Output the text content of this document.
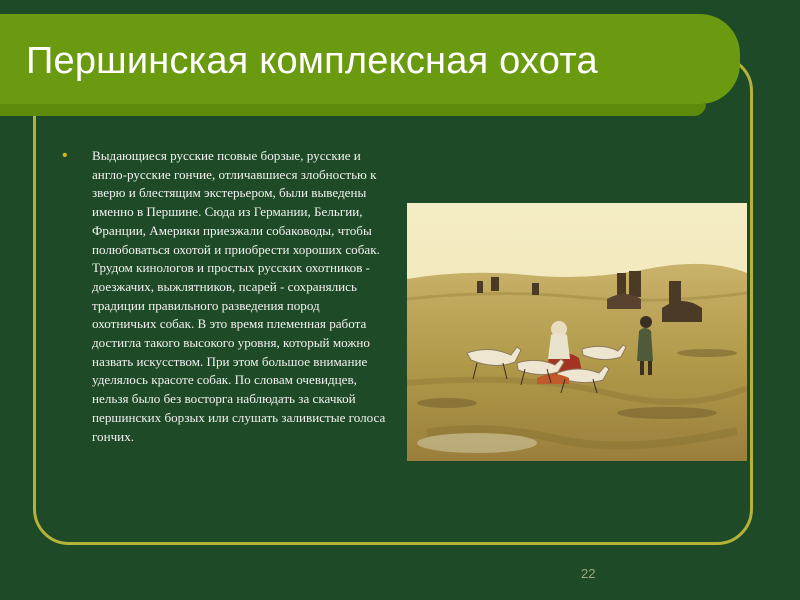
Першинская комплексная охота
• Выдающиеся русские псовые борзые, русские и англо-русские гончие, отличавшиеся злобностью к зверю и блестящим экстерьером, были выведены именно в Першине. Сюда из Германии, Бельгии, Франции, Америки приезжали собаководы, чтобы полюбоваться охотой и приобрести хороших собак. Трудом кинологов и простых русских охотников - доезжачих, выжлятников, псарей - сохранялись традиции правильного разведения пород охотничьих собак. В это время племенная работа достигла такого высокого уровня, который можно назвать искусством. При этом большое внимание уделялось красоте собак. По словам очевидцев, нельзя было без восторга наблюдать за скачкой першинских борзых или слушать заливистые голоса гончих.

22
